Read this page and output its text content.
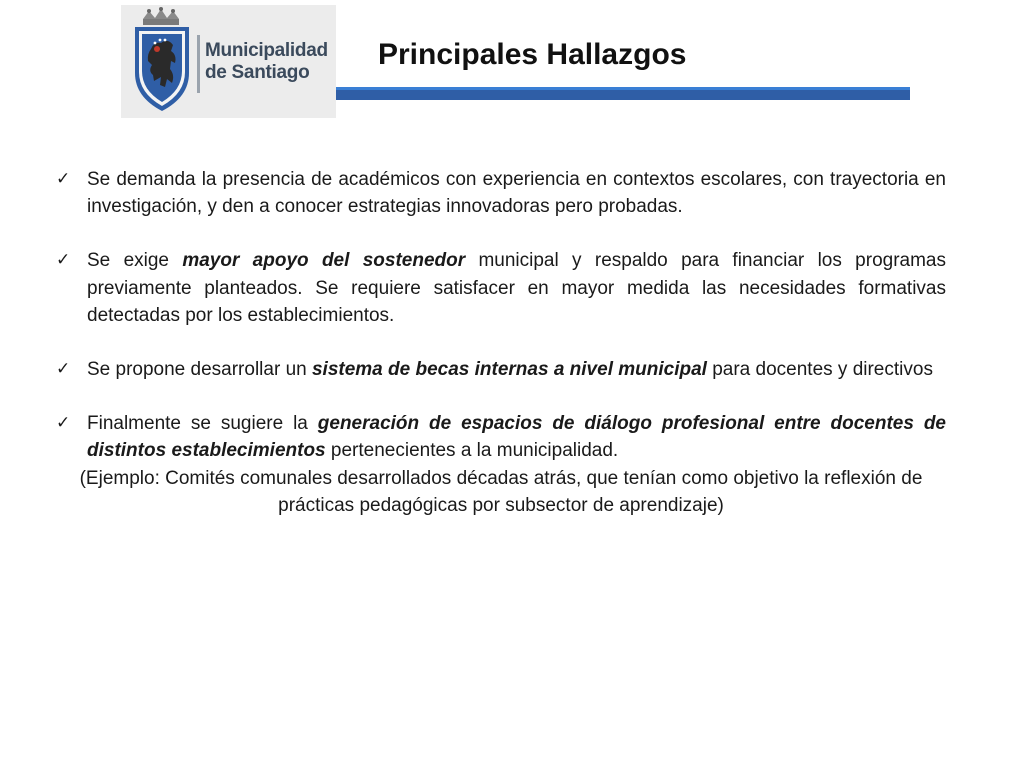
Municipalidad
de Santiago
Principales Hallazgos
✓ Se demanda la presencia de académicos con experiencia en contextos escolares, con trayectoria en investigación, y den a conocer estrategias innovadoras pero probadas.
✓ Se exige mayor apoyo del sostenedor municipal y respaldo para financiar los programas previamente planteados. Se requiere satisfacer en mayor medida las necesidades formativas detectadas por los establecimientos.
✓ Se propone desarrollar un sistema de becas internas a nivel municipal para docentes y directivos
✓ Finalmente se sugiere la generación de espacios de diálogo profesional entre docentes de distintos establecimientos pertenecientes a la municipalidad.
(Ejemplo: Comités comunales desarrollados décadas atrás, que tenían como objetivo la reflexión de prácticas pedagógicas por subsector de aprendizaje)
